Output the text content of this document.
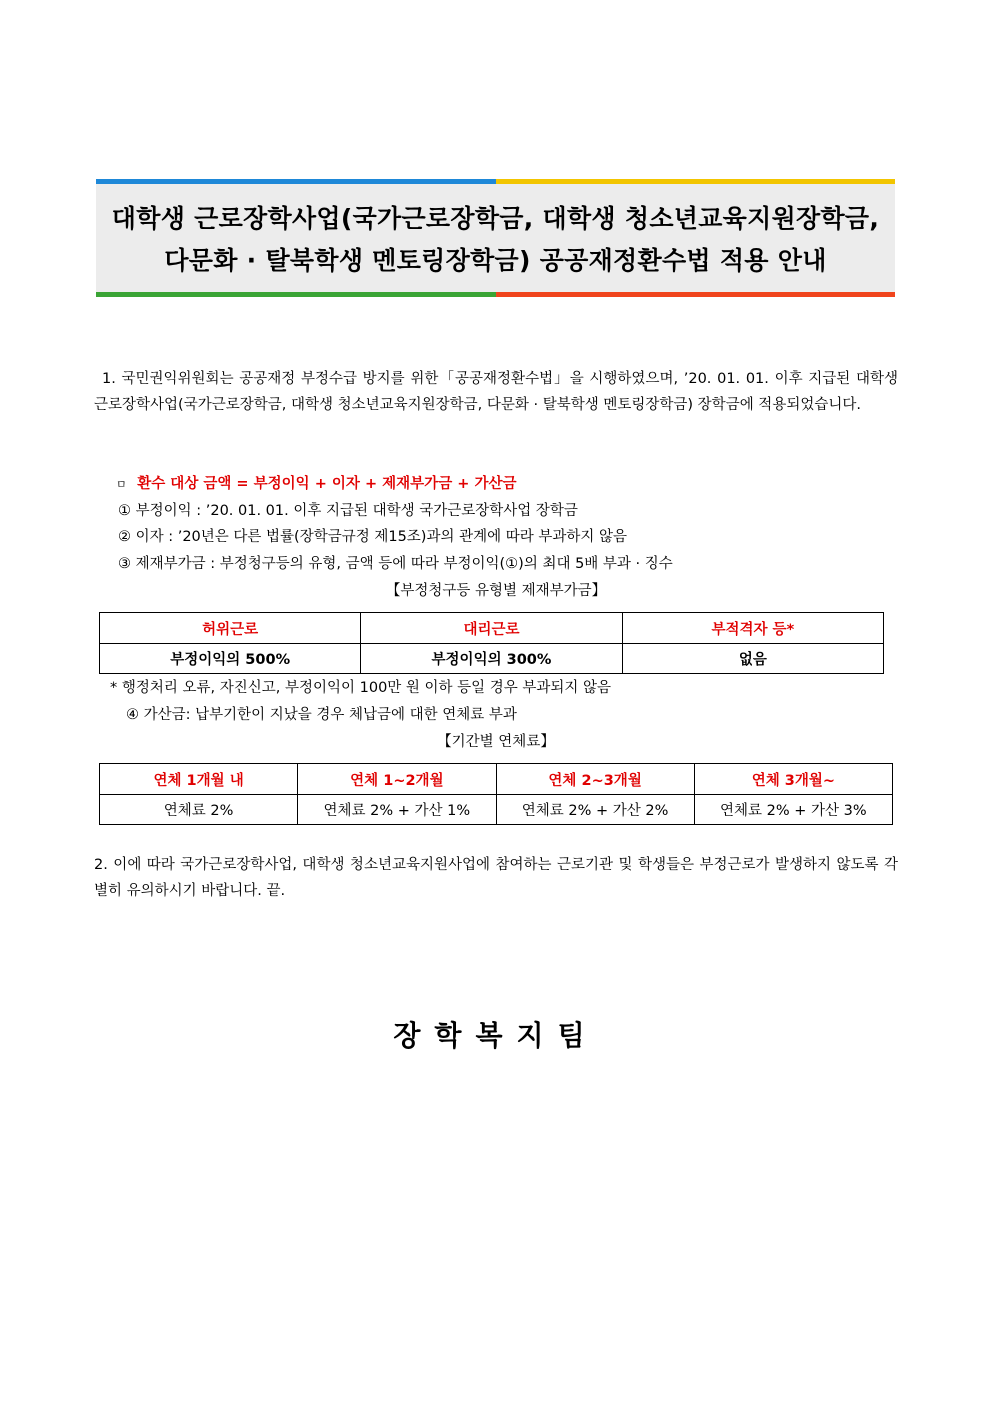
대학생 근로장학사업(국가근로장학금, 대학생 청소년교육지원장학금,
다문화 · 탈북학생 멘토링장학금) 공공재정환수법 적용 안내
1. 국민권익위원회는 공공재정 부정수급 방지를 위한「공공재정환수법」을 시행하였으며, ’20. 01. 01. 이후 지급된 대학생 근로장학사업(국가근로장학금, 대학생 청소년교육지원장학금, 다문화 · 탈북학생 멘토링장학금) 장학금에 적용되었습니다.
ㅁ 환수 대상 금액 = 부정이익 + 이자 + 제재부가금 + 가산금
① 부정이익 : ’20. 01. 01. 이후 지급된 대학생 국가근로장학사업 장학금
② 이자 : ’20년은 다른 법률(장학금규정 제15조)과의 관계에 따라 부과하지 않음
③ 제재부가금 : 부정청구등의 유형, 금액 등에 따라 부정이익(①)의 최대 5배 부과 · 징수
【부정청구등 유형별 제재부가금】
허위근로	대리근로	부적격자 등*
부정이익의 500%	부정이익의 300%	없음
* 행정처리 오류, 자진신고, 부정이익이 100만 원 이하 등일 경우 부과되지 않음
④ 가산금: 납부기한이 지났을 경우 체납금에 대한 연체료 부과
【기간별 연체료】
연체 1개월 내	연체 1~2개월	연체 2~3개월	연체 3개월~
연체료 2%	연체료 2% + 가산 1%	연체료 2% + 가산 2%	연체료 2% + 가산 3%
2. 이에 따라 국가근로장학사업, 대학생 청소년교육지원사업에 참여하는 근로기관 및 학생들은 부정근로가 발생하지 않도록 각별히 유의하시기 바랍니다. 끝.
장학복지팀
